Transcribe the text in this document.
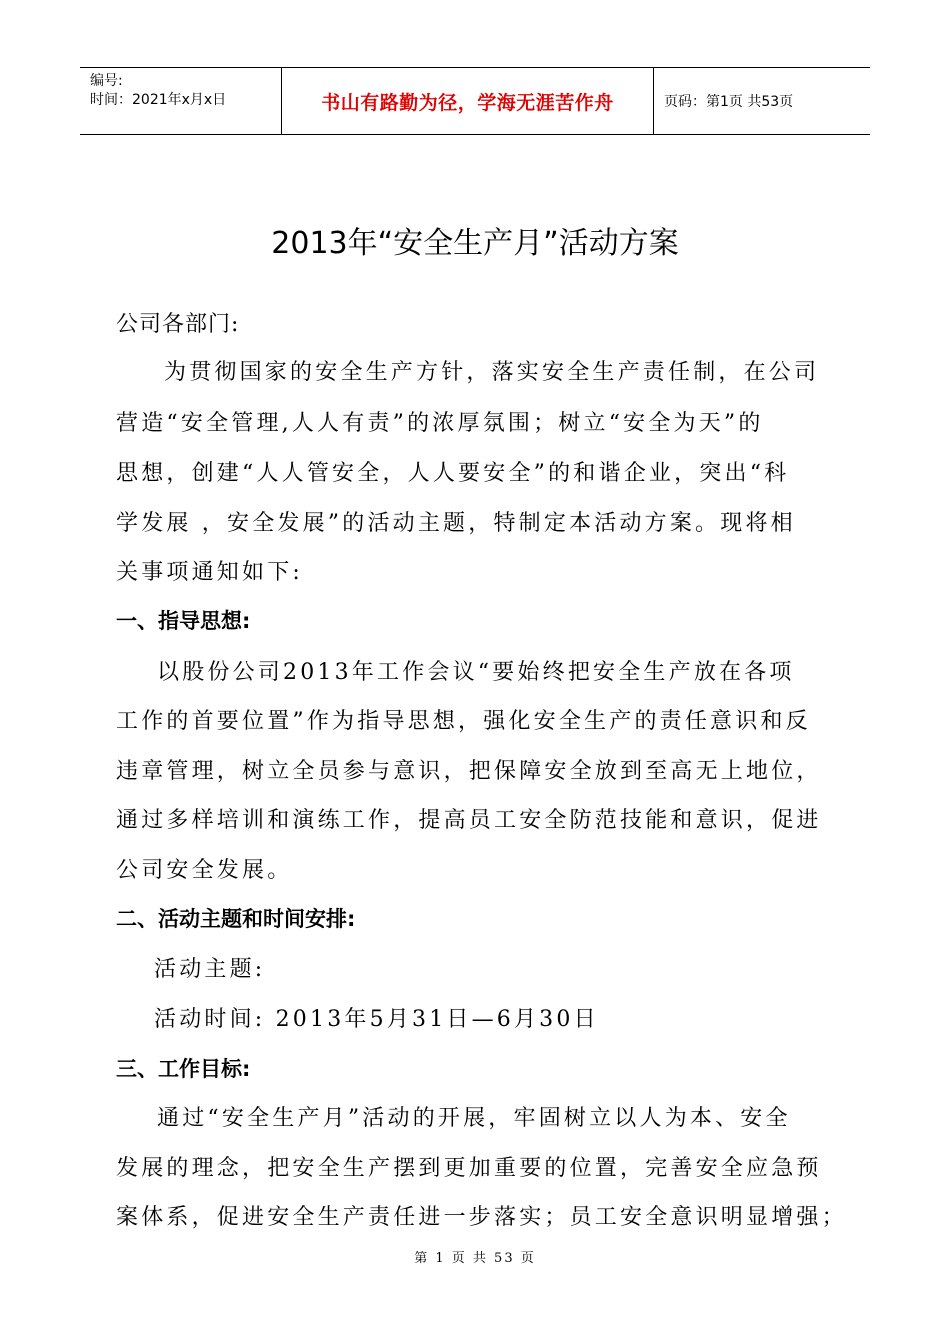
编号:
时间：2021年x月x日	书山有路勤为径，学海无涯苦作舟	页码：第1页 共53页
2013年“安全生产月”活动方案
公司各部门:
为贯彻国家的安全生产方针，落实安全生产责任制，在公司
营造“安全管理,人人有责”的浓厚氛围；树立“安全为天”的
思想，创建“人人管安全，人人要安全”的和谐企业，突出“科
学发展 ，安全发展”的活动主题，特制定本活动方案。现将相
关事项通知如下:
一、指导思想:
以股份公司2013年工作会议“要始终把安全生产放在各项
工作的首要位置”作为指导思想，强化安全生产的责任意识和反
违章管理，树立全员参与意识，把保障安全放到至高无上地位，
通过多样培训和演练工作，提高员工安全防范技能和意识，促进
公司安全发展。
二、活动主题和时间安排:
活动主题:
活动时间: 2013年5月31日—6月30日
三、工作目标:
通过“安全生产月”活动的开展，牢固树立以人为本、安全
发展的理念，把安全生产摆到更加重要的位置，完善安全应急预
案体系，促进安全生产责任进一步落实；员工安全意识明显增强；
第 1 页 共 53 页
